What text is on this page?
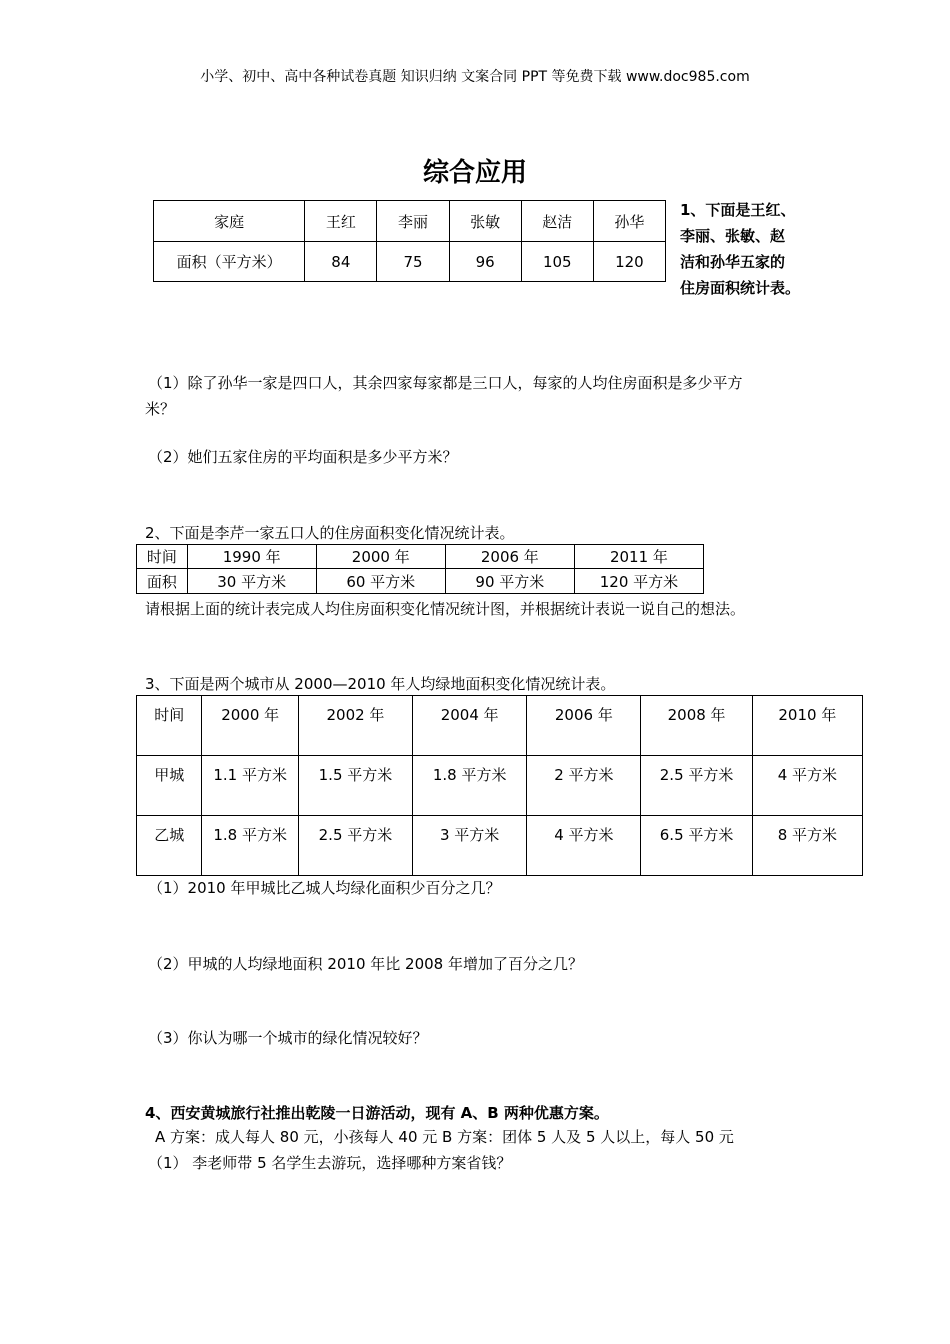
小学、初中、高中各种试卷真题 知识归纳 文案合同 PPT 等免费下载 www.doc985.com
综合应用
家庭	王红	李丽	张敏	赵洁	孙华
面积（平方米）	84	75	96	105	120
1、下面是王红、
李丽、张敏、赵
洁和孙华五家的
住房面积统计表。
（1）除了孙华一家是四口人，其余四家每家都是三口人，每家的人均住房面积是多少平方
米？
（2）她们五家住房的平均面积是多少平方米？
2、下面是李芹一家五口人的住房面积变化情况统计表。
时间	1990 年	2000 年	2006 年	2011 年
面积	30 平方米	60 平方米	90 平方米	120 平方米
请根据上面的统计表完成人均住房面积变化情况统计图，并根据统计表说一说自己的想法。
3、下面是两个城市从 2000—2010 年人均绿地面积变化情况统计表。
时间	2000 年	2002 年	2004 年	2006 年	2008 年	2010 年
甲城	1.1 平方米	1.5 平方米	1.8 平方米	2 平方米	2.5 平方米	4 平方米
乙城	1.8 平方米	2.5 平方米	3 平方米	4 平方米	6.5 平方米	8 平方米
（1）2010 年甲城比乙城人均绿化面积少百分之几？
（2）甲城的人均绿地面积 2010 年比 2008 年增加了百分之几？
（3）你认为哪一个城市的绿化情况较好？
4、西安黄城旅行社推出乾陵一日游活动，现有 A、B 两种优惠方案。
A 方案：成人每人 80 元，小孩每人 40 元 B 方案：团体 5 人及 5 人以上，每人 50 元
（1） 李老师带 5 名学生去游玩，选择哪种方案省钱？
